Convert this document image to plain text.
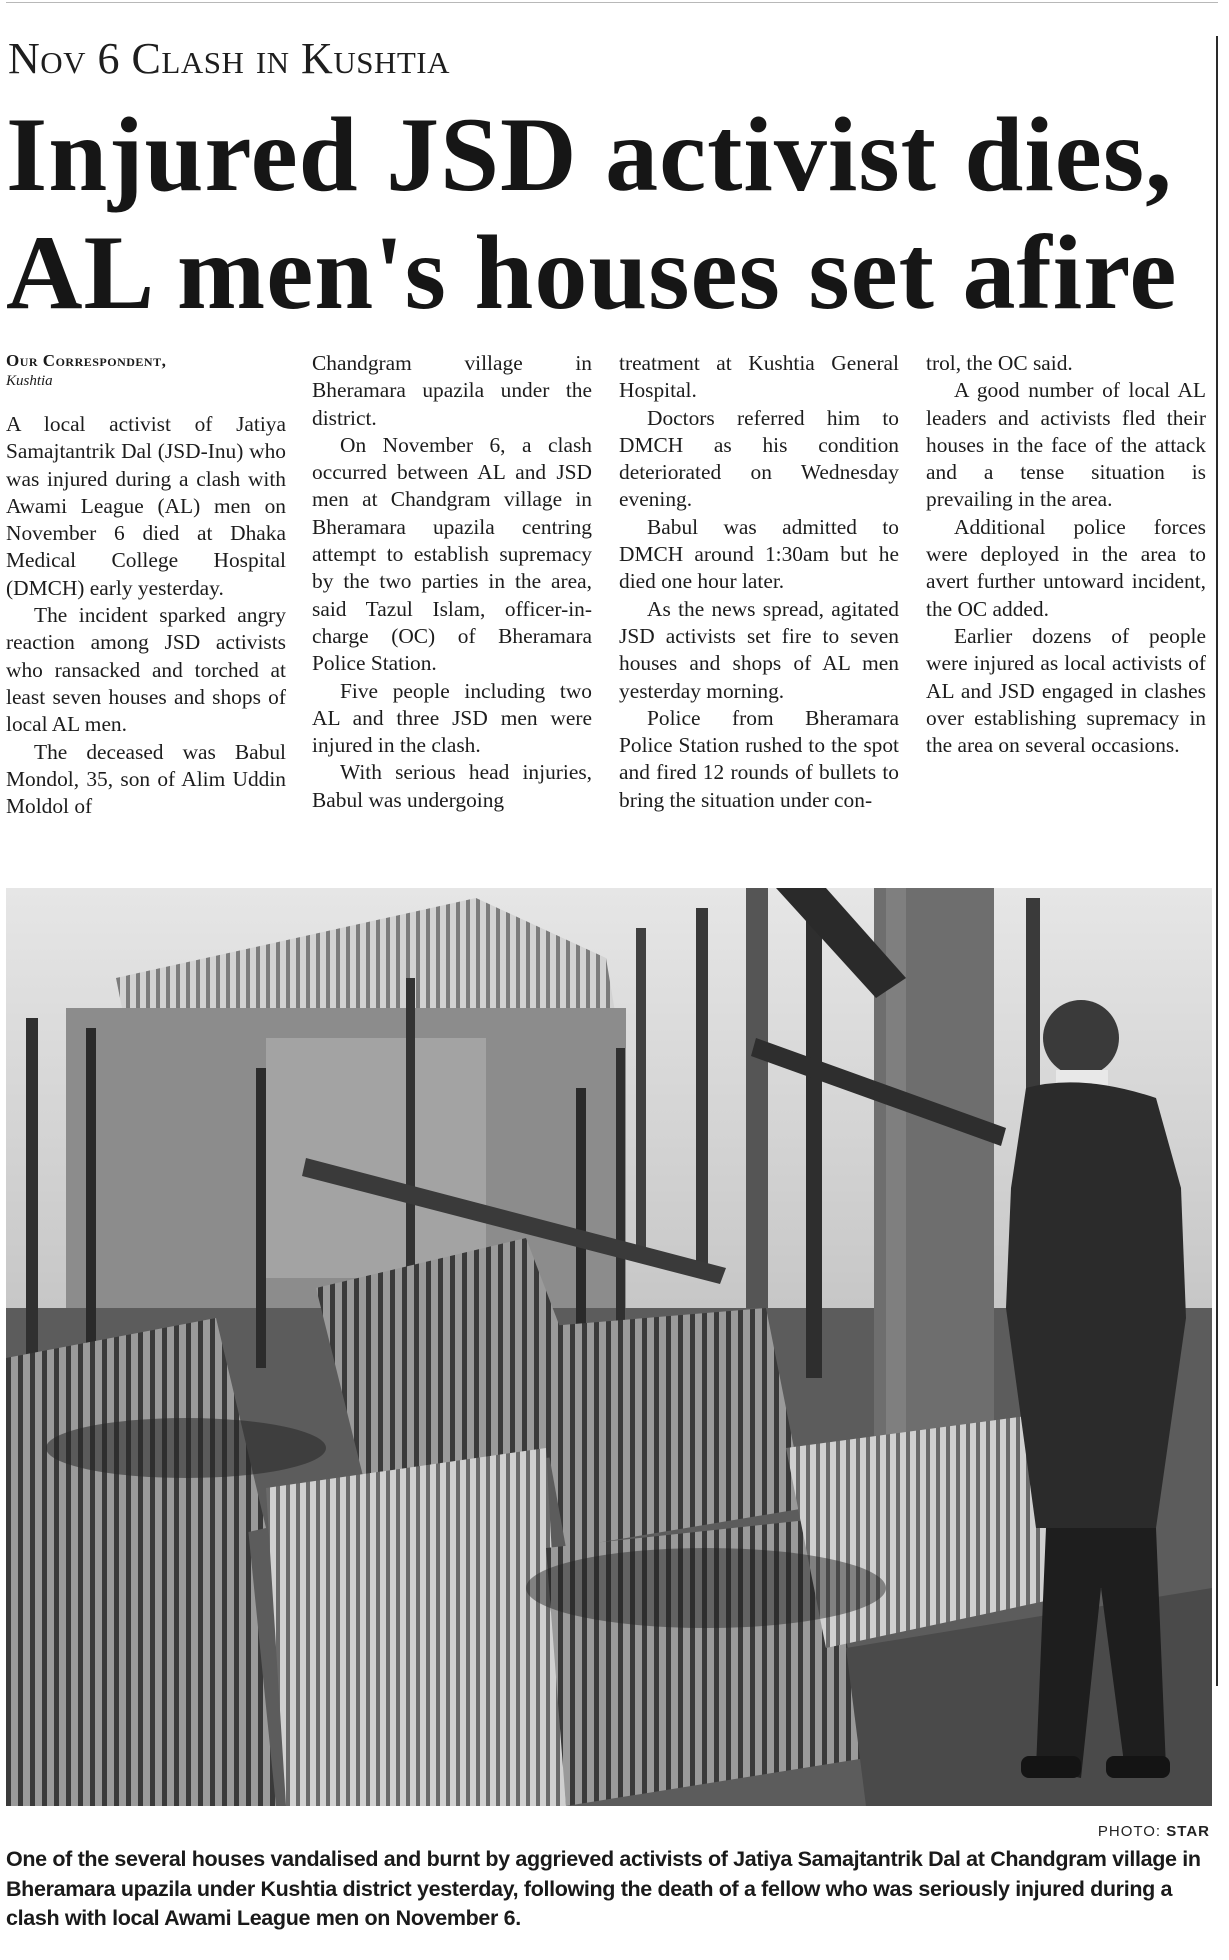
Nov 6 Clash in Kushtia
Injured JSD activist dies,
AL men's houses set afire
Our Correspondent,
Kushtia

A local activist of Jatiya Samajtantrik Dal (JSD-Inu) who was injured during a clash with Awami League (AL) men on November 6 died at Dhaka Medical College Hospital (DMCH) early yesterday.

The incident sparked angry reaction among JSD activists who ransacked and torched at least seven houses and shops of local AL men.

The deceased was Babul Mondol, 35, son of Alim Uddin Moldol of

Chandgram village in Bheramara upazila under the district.

On November 6, a clash occurred between AL and JSD men at Chandgram village in Bheramara upazila centring attempt to establish supremacy by the two parties in the area, said Tazul Islam, officer-in-charge (OC) of Bheramara Police Station.

Five people including two AL and three JSD men were injured in the clash.

With serious head injuries, Babul was undergoing

treatment at Kushtia General Hospital.

Doctors referred him to DMCH as his condition deteriorated on Wednesday evening.

Babul was admitted to DMCH around 1:30am but he died one hour later.

As the news spread, agitated JSD activists set fire to seven houses and shops of AL men yesterday morning.

Police from Bheramara Police Station rushed to the spot and fired 12 rounds of bullets to bring the situation under con-

trol, the OC said.

A good number of local AL leaders and activists fled their houses in the face of the attack and a tense situation is prevailing in the area.

Additional police forces were deployed in the area to avert further untoward incident, the OC added.

Earlier dozens of people were injured as local activists of AL and JSD engaged in clashes over establishing supremacy in the area on several occasions.

PHOTO: STAR

One of the several houses vandalised and burnt by aggrieved activists of Jatiya Samajtantrik Dal at Chandgram village in Bheramara upazila under Kushtia district yesterday, following the death of a fellow who was seriously injured during a clash with local Awami League men on November 6.
